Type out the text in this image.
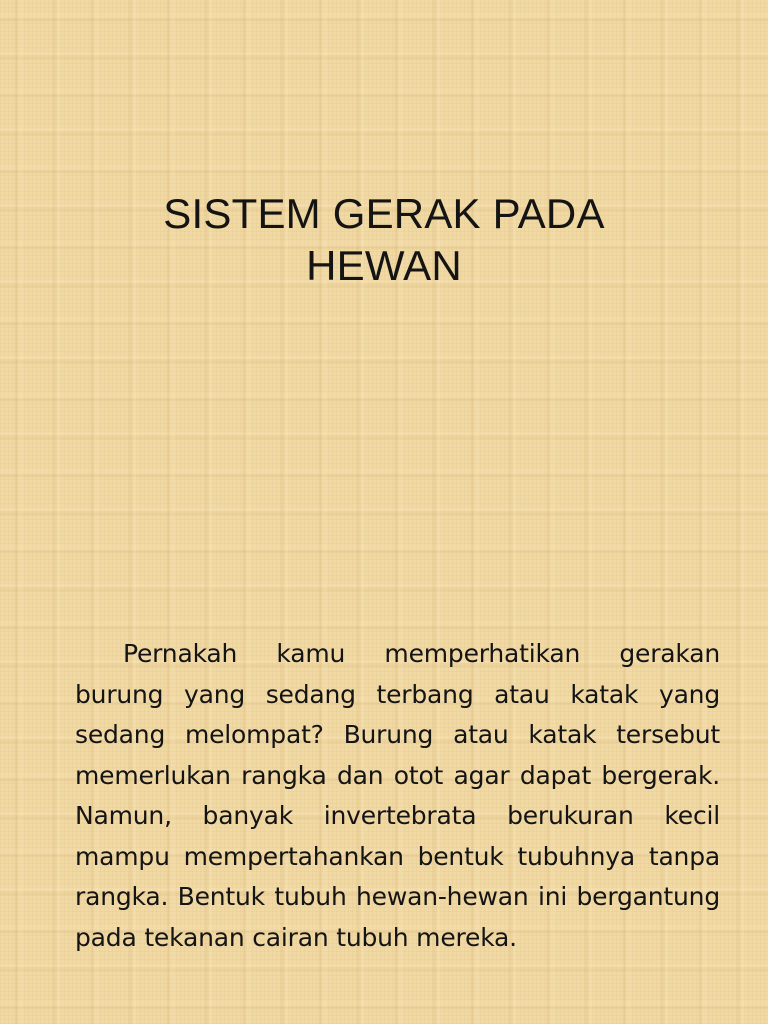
SISTEM GERAK PADA HEWAN

Pernakah kamu memperhatikan gerakan burung yang sedang terbang atau katak yang sedang melompat? Burung atau katak tersebut memerlukan rangka dan otot agar dapat bergerak. Namun, banyak invertebrata berukuran kecil mampu mempertahankan bentuk tubuhnya tanpa rangka. Bentuk tubuh hewan-hewan ini bergantung pada tekanan cairan tubuh mereka.
